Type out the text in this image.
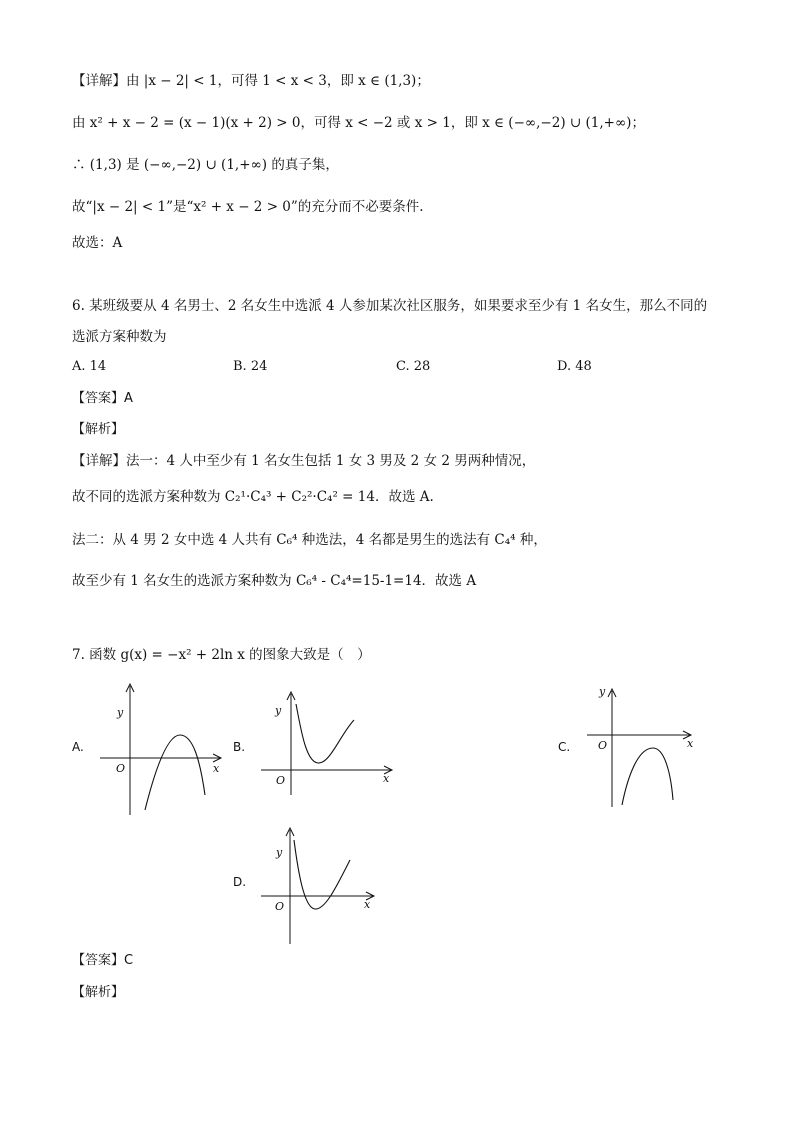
【详解】由 |x − 2| < 1，可得 1 < x < 3，即 x ∈ (1,3)；
由 x² + x − 2 = (x − 1)(x + 2) > 0，可得 x < −2 或 x > 1，即 x ∈ (−∞,−2) ∪ (1,+∞)；
∴ (1,3) 是 (−∞,−2) ∪ (1,+∞) 的真子集，
故“|x − 2| < 1”是“x² + x − 2 > 0”的充分而不必要条件.
故选：A
6. 某班级要从 4 名男士、2 名女生中选派 4 人参加某次社区服务，如果要求至少有 1 名女生，那么不同的
选派方案种数为
A. 14	B. 24	C. 28	D. 48
【答案】A
【解析】
【详解】法一：4 人中至少有 1 名女生包括 1 女 3 男及 2 女 2 男两种情况，
故不同的选派方案种数为 C₂¹·C₄³ + C₂²·C₄² = 14．故选 A.
法二：从 4 男 2 女中选 4 人共有 C₆⁴ 种选法，4 名都是男生的选法有 C₄⁴ 种，
故至少有 1 名女生的选派方案种数为 C₆⁴ - C₄⁴=15-1=14．故选 A
7. 函数 g(x) = −x² + 2ln x 的图象大致是（　）
A.
y
O	x
B.
y
O	x
C.
y
O	x
D.
y
O	x
【答案】C
【解析】
